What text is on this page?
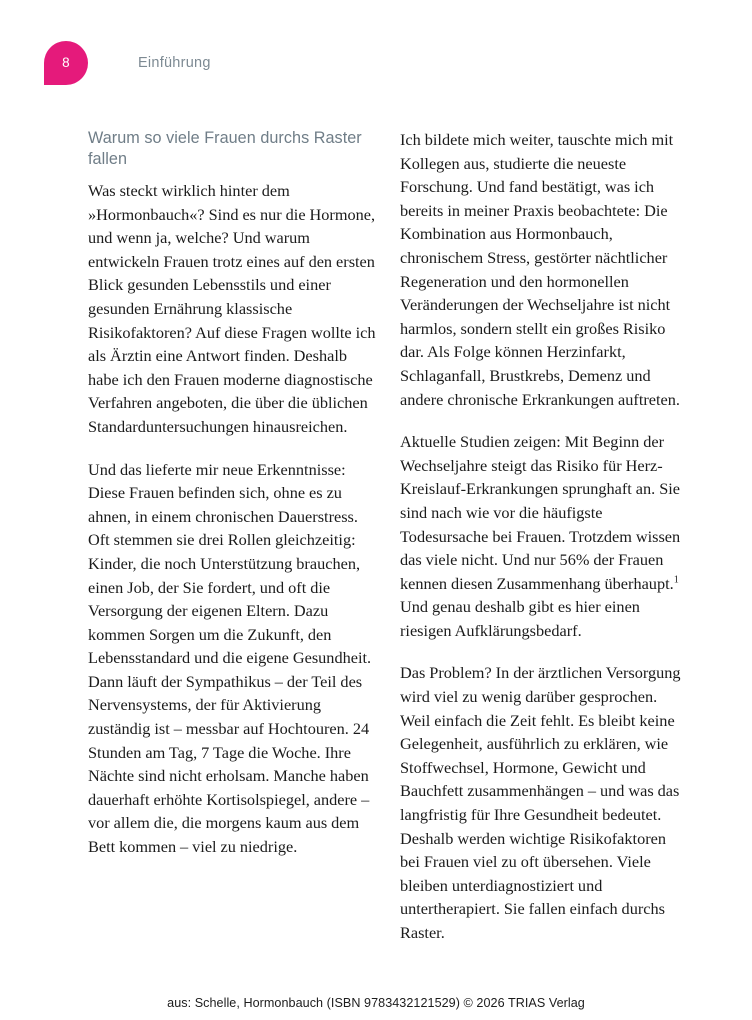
8	Einführung
Warum so viele Frauen durchs Raster fallen

Was steckt wirklich hinter dem »Hormonbauch«? Sind es nur die Hormone, und wenn ja, welche? Und warum entwickeln Frauen trotz eines auf den ersten Blick gesunden Lebensstils und einer gesunden Ernährung klassische Risikofaktoren? Auf diese Fragen wollte ich als Ärztin eine Antwort finden. Deshalb habe ich den Frauen moderne diagnostische Verfahren angeboten, die über die üblichen Standarduntersuchungen hinausreichen.

Und das lieferte mir neue Erkenntnisse: Diese Frauen befinden sich, ohne es zu ahnen, in einem chronischen Dauerstress. Oft stemmen sie drei Rollen gleichzeitig: Kinder, die noch Unterstützung brauchen, einen Job, der Sie fordert, und oft die Versorgung der eigenen Eltern. Dazu kommen Sorgen um die Zukunft, den Lebensstandard und die eigene Gesundheit. Dann läuft der Sympathikus – der Teil des Nervensystems, der für Aktivierung zuständig ist – messbar auf Hochtouren. 24 Stunden am Tag, 7 Tage die Woche. Ihre Nächte sind nicht erholsam. Manche haben dauerhaft erhöhte Kortisolspiegel, andere – vor allem die, die morgens kaum aus dem Bett kommen – viel zu niedrige.

Ich bildete mich weiter, tauschte mich mit Kollegen aus, studierte die neueste Forschung. Und fand bestätigt, was ich bereits in meiner Praxis beobachtete: Die Kombination aus Hormonbauch, chronischem Stress, gestörter nächtlicher Regeneration und den hormonellen Veränderungen der Wechseljahre ist nicht harmlos, sondern stellt ein großes Risiko dar. Als Folge können Herzinfarkt, Schlaganfall, Brustkrebs, Demenz und andere chronische Erkrankungen auftreten.

Aktuelle Studien zeigen: Mit Beginn der Wechseljahre steigt das Risiko für Herz-Kreislauf-Erkrankungen sprunghaft an. Sie sind nach wie vor die häufigste Todesursache bei Frauen. Trotzdem wissen das viele nicht. Und nur 56% der Frauen kennen diesen Zusammenhang überhaupt.$^1$ Und genau deshalb gibt es hier einen riesigen Aufklärungsbedarf.

Das Problem? In der ärztlichen Versorgung wird viel zu wenig darüber gesprochen. Weil einfach die Zeit fehlt. Es bleibt keine Gelegenheit, ausführlich zu erklären, wie Stoffwechsel, Hormone, Gewicht und Bauchfett zusammenhängen – und was das langfristig für Ihre Gesundheit bedeutet. Deshalb werden wichtige Risikofaktoren bei Frauen viel zu oft übersehen. Viele bleiben unterdiagnostiziert und untertherapiert. Sie fallen einfach durchs Raster.

aus: Schelle, Hormonbauch (ISBN 9783432121529) © 2026 TRIAS Verlag
